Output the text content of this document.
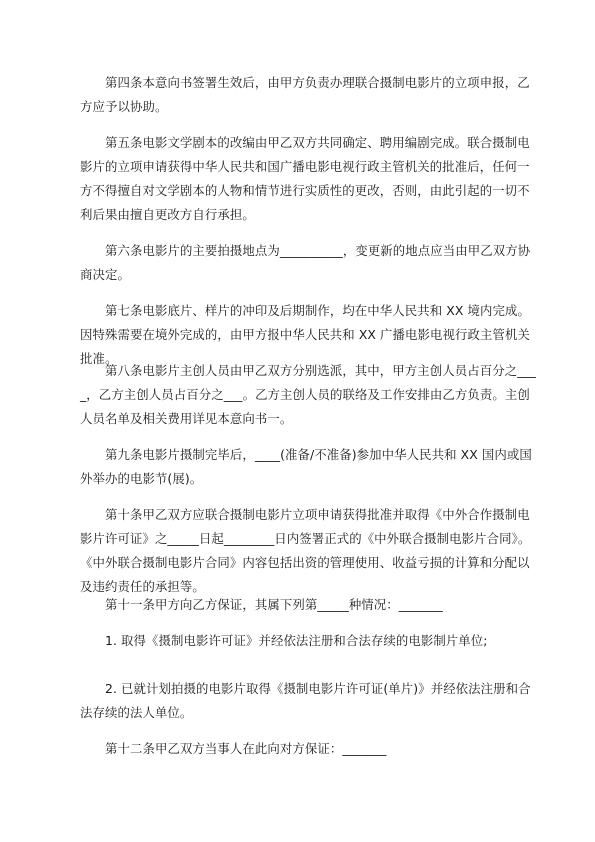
第四条本意向书签署生效后，由甲方负责办理联合摄制电影片的立项申报，乙方应予以协助。

第五条电影文学剧本的改编由甲乙双方共同确定、聘用编剧完成。联合摄制电影片的立项申请获得中华人民共和国广播电影电视行政主管机关的批准后，任何一方不得擅自对文学剧本的人物和情节进行实质性的更改，否则，由此引起的一切不利后果由擅自更改方自行承担。

第六条电影片的主要拍摄地点为__________，变更新的地点应当由甲乙双方协商决定。

第七条电影底片、样片的冲印及后期制作，均在中华人民共和 XX 境内完成。因特殊需要在境外完成的，由甲方报中华人民共和 XX 广播电影电视行政主管机关批准。

第八条电影片主创人员由甲乙双方分别选派，其中，甲方主创人员占百分之____，乙方主创人员占百分之___。乙方主创人员的联络及工作安排由乙方负责。主创人员名单及相关费用详见本意向书一。

第九条电影片摄制完毕后，____(准备/不准备)参加中华人民共和 XX 国内或国外举办的电影节(展)。

第十条甲乙双方应联合摄制电影片立项申请获得批准并取得《中外合作摄制电影片许可证》之_____日起________日内签署正式的《中外联合摄制电影片合同》。《中外联合摄制电影片合同》内容包括出资的管理使用、收益亏损的计算和分配以及违约责任的承担等。

第十一条甲方向乙方保证，其属下列第_____种情况：_______

1. 取得《摄制电影许可证》并经依法注册和合法存续的电影制片单位;

2. 已就计划拍摄的电影片取得《摄制电影片许可证(单片)》并经依法注册和合法存续的法人单位。

第十二条甲乙双方当事人在此向对方保证：_______
